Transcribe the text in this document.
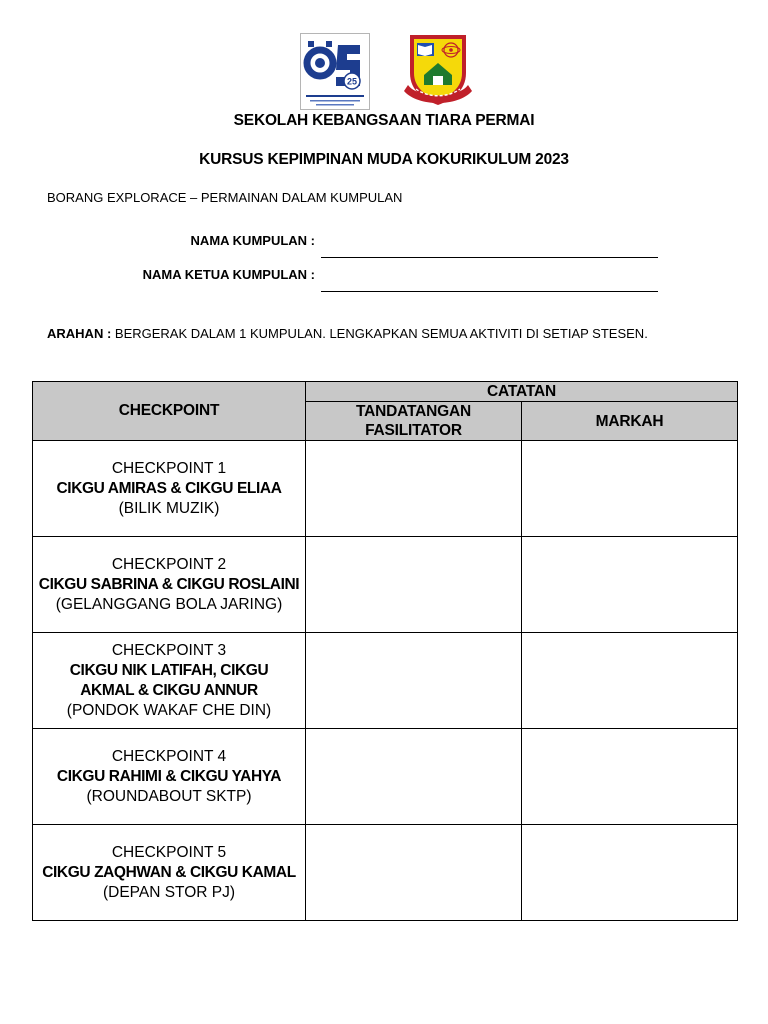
25
SEKOLAH KEBANGSAAN TIARA PERMAI
KURSUS KEPIMPINAN MUDA KOKURIKULUM 2023
BORANG EXPLORACE – PERMAINAN DALAM KUMPULAN
NAMA KUMPULAN :
NAMA KETUA KUMPULAN :
ARAHAN : BERGERAK DALAM 1 KUMPULAN. LENGKAPKAN SEMUA AKTIVITI DI SETIAP STESEN.
CHECKPOINT	CATATAN	
	TANDATANGAN FASILITATOR	MARKAH

CHECKPOINT 1
CIKGU AMIRAS & CIKGU ELIAA
(BILIK MUZIK)		

CHECKPOINT 2
CIKGU SABRINA & CIKGU ROSLAINI
(GELANGGANG BOLA JARING)		

CHECKPOINT 3
CIKGU NIK LATIFAH, CIKGU AKMAL & CIKGU ANNUR
(PONDOK WAKAF CHE DIN)		

CHECKPOINT 4
CIKGU RAHIMI & CIKGU YAHYA
(ROUNDABOUT SKTP)		

CHECKPOINT 5
CIKGU ZAQHWAN & CIKGU KAMAL
(DEPAN STOR PJ)		
